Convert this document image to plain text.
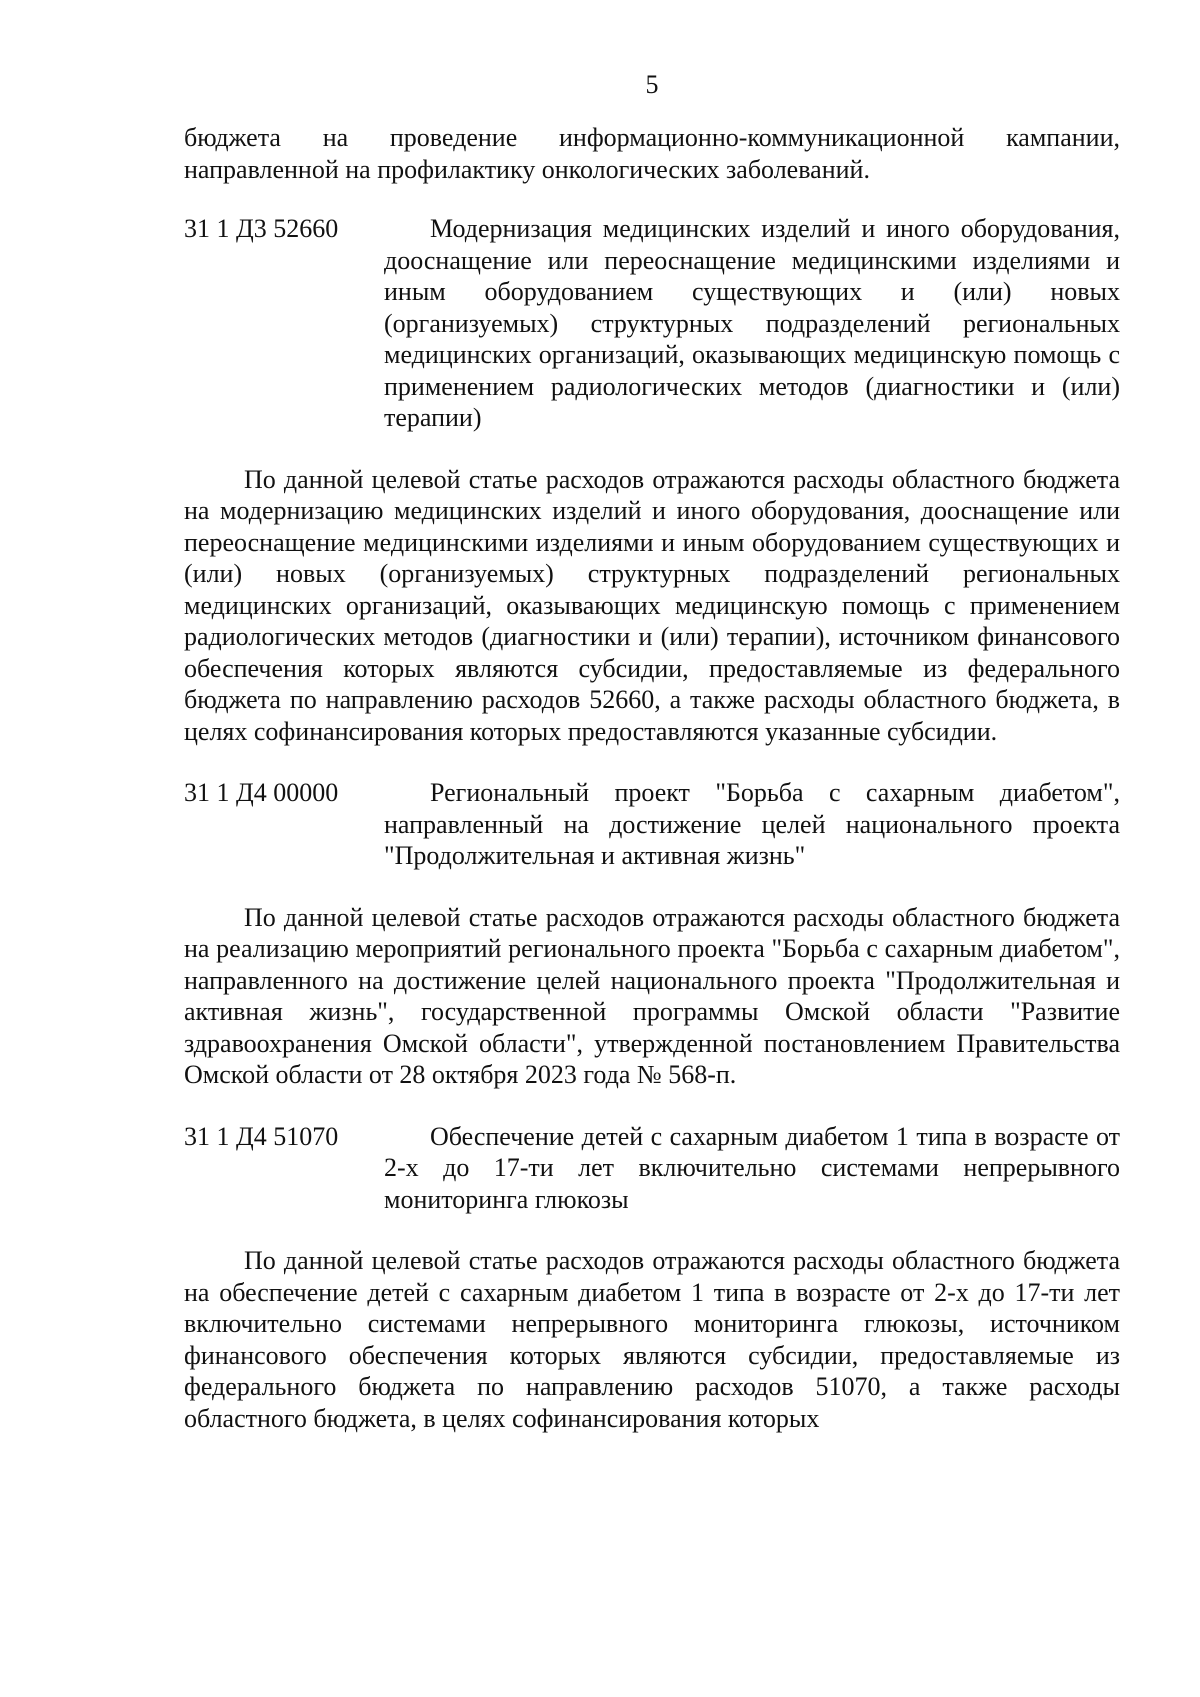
5

бюджета на проведение информационно-коммуникационной кампании, направленной на профилактику онкологических заболеваний.

31 1 Д3 52660	Модернизация медицинских изделий и иного оборудования, дооснащение или переоснащение медицинскими изделиями и иным оборудованием существующих и (или) новых (организуемых) структурных подразделений региональных медицинских организаций, оказывающих медицинскую помощь с применением радиологических методов (диагностики и (или) терапии)

По данной целевой статье расходов отражаются расходы областного бюджета на модернизацию медицинских изделий и иного оборудования, дооснащение или переоснащение медицинскими изделиями и иным оборудованием существующих и (или) новых (организуемых) структурных подразделений региональных медицинских организаций, оказывающих медицинскую помощь с применением радиологических методов (диагностики и (или) терапии), источником финансового обеспечения которых являются субсидии, предоставляемые из федерального бюджета по направлению расходов 52660, а также расходы областного бюджета, в целях софинансирования которых предоставляются указанные субсидии.

31 1 Д4 00000	Региональный проект "Борьба с сахарным диабетом", направленный на достижение целей национального проекта "Продолжительная и активная жизнь"

По данной целевой статье расходов отражаются расходы областного бюджета на реализацию мероприятий регионального проекта "Борьба с сахарным диабетом", направленного на достижение целей национального проекта "Продолжительная и активная жизнь", государственной программы Омской области "Развитие здравоохранения Омской области", утвержденной постановлением Правительства Омской области от 28 октября 2023 года № 568-п.

31 1 Д4 51070	Обеспечение детей с сахарным диабетом 1 типа в возрасте от 2-х до 17-ти лет включительно системами непрерывного мониторинга глюкозы

По данной целевой статье расходов отражаются расходы областного бюджета на обеспечение детей с сахарным диабетом 1 типа в возрасте от 2-х до 17-ти лет включительно системами непрерывного мониторинга глюкозы, источником финансового обеспечения которых являются субсидии, предоставляемые из федерального бюджета по направлению расходов 51070, а также расходы областного бюджета, в целях софинансирования которых
